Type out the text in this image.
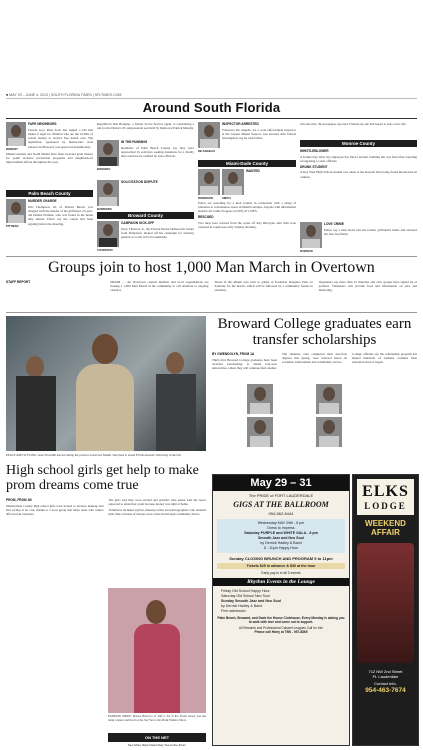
■ MAY 29 – JUNE 4, 2013 | SOUTH FLORIDA TIMES | SFLTIMES.COM
Around South Florida
ROBERT

FAPE NEIGHBORS

Florida Gov. Rick Scott has signed a bill that makes it legal for children who are the victims of sexual battery to receive free dental care. The legislation, sponsored by Democratic state senators in Broward, was approved unanimously.

Miami Gardens and North Miami have been awarded grant money for youth violence prevention programs and neighborhood improvement efforts throughout the year.

Palm Beach County
PITTMAN

MURDER CHARGE

Otis Thompson, 26, of Riviera Beach, was charged with the murder of his girlfriend, 25-year-old Denise Pittman, who was found in the home they shared. Police say the couple had been arguing before the shooting.

Republican Dan Bongino, a former Secret Service agent, is considering a run for the District 18 congressional seat held by Democrat Patrick Murphy.

BONGINO

IN THE RUNNING

Residents of Palm Beach County say they were approached by solicitors seeking donations for a charity that could not be verified by state officials.

BURROWS

SOLICITATION DISPUTE

Broward County
THURSTON

CAMPAIGN KICK-OFF

Perry Thurston Jr., the Florida House Democratic leader from Plantation, kicked off his campaign for attorney general at a rally in Fort Lauderdale.

DE ANGELIS

INSPECTOR ARRESTED

Francesco De Angelis, 54, a code enforcement inspector at the Greater Miami Seaport, was arrested after federal investigators say he took bribes.

Miami-Dade County
ROBINSON	SMITH

WANTED

Police are searching for a man wanted in connection with a string of robberies at convenience stores in Miami Gardens. Anyone with information should call Crime Stoppers at (305) 471-TIPS.

RESCUED

Two men were rescued from the water off Key Biscayne after their boat capsized in rough seas early Sunday morning.

who shot her, the newspaper reported. Friends say she had hoped to start a new life.

Monroe County

WHISTLEBLOWER

A former Key West city employee has filed a lawsuit claiming she was fired after reporting wrongdoing to state officials.

DRUNK STUDENT

A Key West High School student was taken to the hospital after being found intoxicated on campus.

DAWSON

LOVE CRIME

Police say a man broke into his former girlfriend's home and attacked her new boyfriend.

Groups join to host 1,000 Man March in Overtown

STAFF REPORT	MIAMI — An Overtown council member and local organizations are hosting a 1,000 Man March in the community to call attention to ongoing violence.

Those in the Miami area plan to gather at Frederick Douglass Park on Saturday for the march, which will be followed by a community forum on solutions.

Organizers say more than 25 churches and civic groups have signed on as partners. Volunteers will provide food and information on jobs and mentoring.

PEACE AND STYLING: Janet Thornhill has fun during her prom in downtown Miami. She plans to attend Florida Atlantic University in the fall.
High school girls get help to make prom dreams come true

PROM, FROM 1B

Miami-Dade County high school girls were treated to dresses, makeup and hair styling at no cost, thanks to a local group that helps teens who cannot afford prom expenses.

The girls said they were excited and grateful. One senior said she never expected to attend her prom because money was tight at home.

Volunteers included stylists, makeup artists and photographers who donated their time. Dozens of dresses were collected through community drives.

FASHION SHOW: Marisa Burrows of Tuff n Tot N Pro Fresh Jersey was the lucky winner and host for the Say Yes to the Prom Fashion Show.
ON THE NET
See More https://www.Say-Yes-to-the-Prom
Broward College graduates earn transfer scholarships

BY GWENDOLYN, FROM 1A

Thirty-five Broward College graduates have been awarded scholarships to attend four-year universities, where they will continue their studies.

The students, who completed their associate degrees this spring, were selected based on academic achievement and community service.

College officials say the scholarship program has helped hundreds of students continue their education since it began.

May 29 – 31
The PRIDE of FORT LAUDERDALE
GIGS AT THE BALLROOM
954-562-8444
Wednesday MAY 29th - 8 pm
Dress to Impress
Saturday PURPLE and WHITE GALA - 8 pm
Smooth Jazz and Neo Soul
by Derrick Hadley & Band
8 - 11pm Happy Hour
Sunday CLOSING BRUNCH AND PROGRAM 5 to 11pm
Tickets $25 in advance & $30 at the door
Early pay is in all 3 events
Rhythm Events in the Lounge
Friday Old School Happy Hour
Saturday Old School Neo Soul
Sunday Smooth Jazz and Neo Soul
by Derrick Hadley & Band
Free admission
Palm Beach, Broward, and Dade the House Clubhouse, Every Monday is asking you to walk with love and come out to support.
All Rewards and Professional Cabaret Leagues Call for Info
Please call Harry at TBK - 957-8865
ELKS
LODGE
WEEKEND AFFAIR
712 NW 2nd Street
Ft. Lauderdale
Contact Info.
954-463-7674
